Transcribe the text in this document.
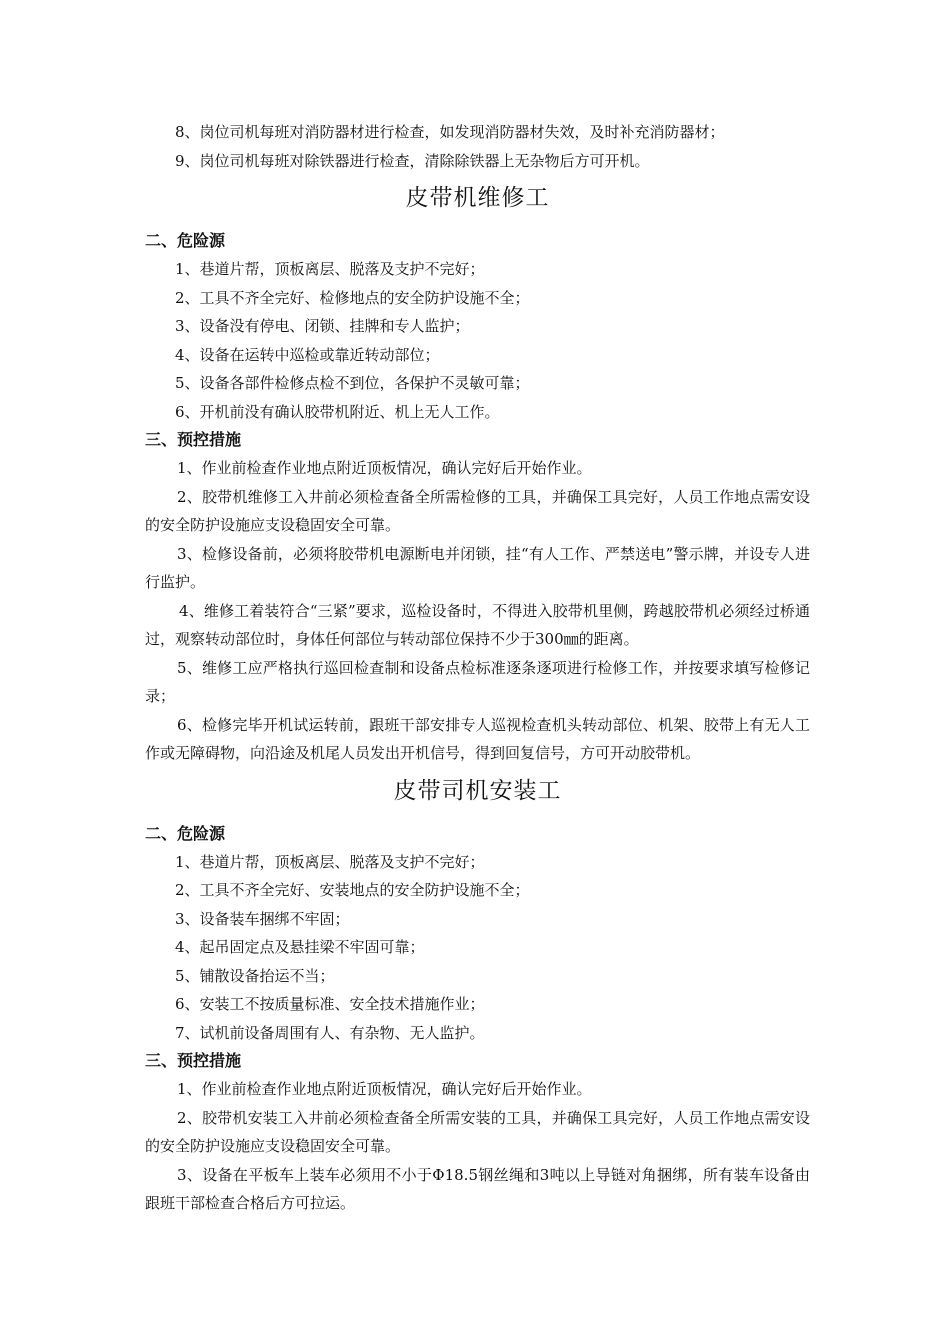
8、岗位司机每班对消防器材进行检查，如发现消防器材失效，及时补充消防器材；

9、岗位司机每班对除铁器进行检查，清除除铁器上无杂物后方可开机。

皮带机维修工

二、危险源

1、巷道片帮，顶板离层、脱落及支护不完好；

2、工具不齐全完好、检修地点的安全防护设施不全；

3、设备没有停电、闭锁、挂牌和专人监护；

4、设备在运转中巡检或靠近转动部位；

5、设备各部件检修点检不到位，各保护不灵敏可靠；

6、开机前没有确认胶带机附近、机上无人工作。

三、预控措施

1、作业前检查作业地点附近顶板情况，确认完好后开始作业。

2、胶带机维修工入井前必须检查备全所需检修的工具，并确保工具完好，人员工作地点需安设的安全防护设施应支设稳固安全可靠。

3、检修设备前，必须将胶带机电源断电并闭锁，挂“有人工作、严禁送电”警示牌，并设专人进行监护。

4、维修工着装符合“三紧”要求，巡检设备时，不得进入胶带机里侧，跨越胶带机必须经过桥通过，观察转动部位时，身体任何部位与转动部位保持不少于300㎜的距离。

5、维修工应严格执行巡回检查制和设备点检标准逐条逐项进行检修工作，并按要求填写检修记录；

6、检修完毕开机试运转前，跟班干部安排专人巡视检查机头转动部位、机架、胶带上有无人工作或无障碍物，向沿途及机尾人员发出开机信号，得到回复信号，方可开动胶带机。

皮带司机安装工

二、危险源

1、巷道片帮，顶板离层、脱落及支护不完好；

2、工具不齐全完好、安装地点的安全防护设施不全；

3、设备装车捆绑不牢固；

4、起吊固定点及悬挂梁不牢固可靠；

5、铺散设备抬运不当；

6、安装工不按质量标准、安全技术措施作业；

7、试机前设备周围有人、有杂物、无人监护。

三、预控措施

1、作业前检查作业地点附近顶板情况，确认完好后开始作业。

2、胶带机安装工入井前必须检查备全所需安装的工具，并确保工具完好，人员工作地点需安设的安全防护设施应支设稳固安全可靠。

3、设备在平板车上装车必须用不小于Φ18.5钢丝绳和3吨以上导链对角捆绑，所有装车设备由跟班干部检查合格后方可拉运。
